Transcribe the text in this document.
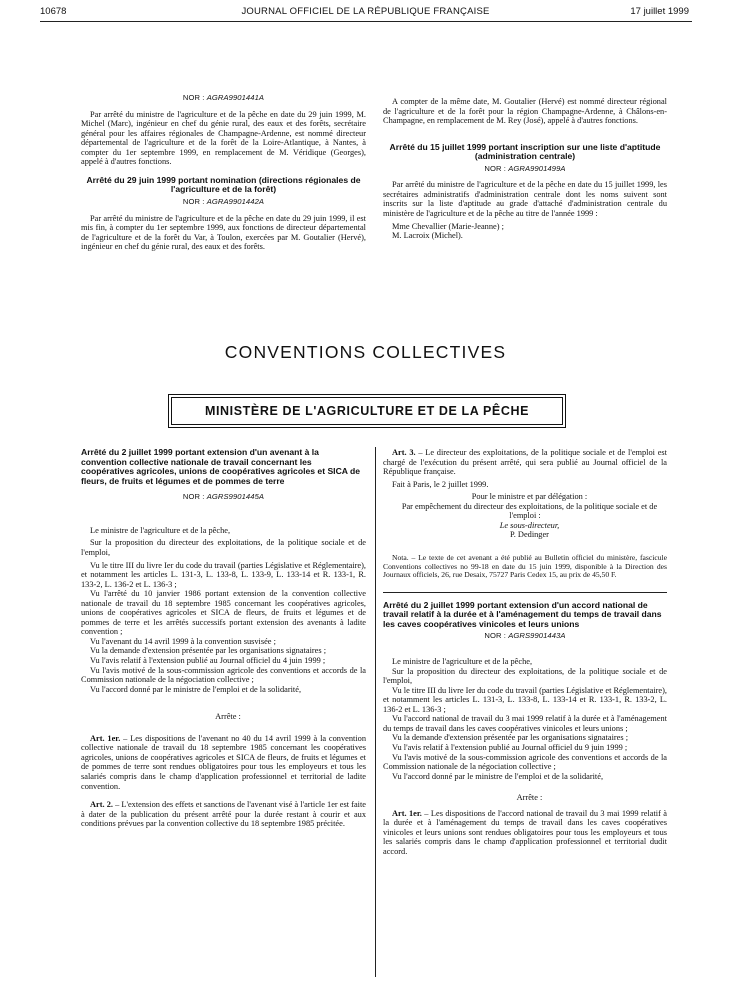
10678	JOURNAL OFFICIEL DE LA RÉPUBLIQUE FRANÇAISE	17 juillet 1999
NOR : AGRA9901441A

Par arrêté du ministre de l'agriculture et de la pêche en date du 29 juin 1999, M. Michel (Marc), ingénieur en chef du génie rural, des eaux et des forêts, secrétaire général pour les affaires régionales de Champagne-Ardenne, est nommé directeur départemental de l'agriculture et de la forêt de la Loire-Atlantique, à Nantes, à compter du 1er septembre 1999, en remplacement de M. Véridique (Georges), appelé à d'autres fonctions.

Arrêté du 29 juin 1999 portant nomination (directions régionales de l'agriculture et de la forêt)
NOR : AGRA9901442A

Par arrêté du ministre de l'agriculture et de la pêche en date du 29 juin 1999, il est mis fin, à compter du 1er septembre 1999, aux fonctions de directeur départemental de l'agriculture et de la forêt du Var, à Toulon, exercées par M. Goutalier (Hervé), ingénieur en chef du génie rural, des eaux et des forêts.

A compter de la même date, M. Goutalier (Hervé) est nommé directeur régional de l'agriculture et de la forêt pour la région Champagne-Ardenne, à Châlons-en-Champagne, en remplacement de M. Rey (José), appelé à d'autres fonctions.

Arrêté du 15 juillet 1999 portant inscription sur une liste d'aptitude (administration centrale)
NOR : AGRA9901499A

Par arrêté du ministre de l'agriculture et de la pêche en date du 15 juillet 1999, les secrétaires administratifs d'administration centrale dont les noms suivent sont inscrits sur la liste d'aptitude au grade d'attaché d'administration centrale du ministère de l'agriculture et de la pêche au titre de l'année 1999 :

Mme Chevallier (Marie-Jeanne) ;

M. Lacroix (Michel).

CONVENTIONS COLLECTIVES
MINISTÈRE DE L'AGRICULTURE ET DE LA PÊCHE
Arrêté du 2 juillet 1999 portant extension d'un avenant à la convention collective nationale de travail concernant les coopératives agricoles, unions de coopératives agricoles et SICA de fleurs, de fruits et légumes et de pommes de terre
NOR : AGRS9901445A

Le ministre de l'agriculture et de la pêche,

Sur la proposition du directeur des exploitations, de la politique sociale et de l'emploi,

Vu le titre III du livre Ier du code du travail (parties Législative et Réglementaire), et notamment les articles L. 131-3, L. 133-8, L. 133-9, L. 133-14 et R. 133-1, R. 133-2, L. 136-2 et L. 136-3 ;

Vu l'arrêté du 10 janvier 1986 portant extension de la convention collective nationale de travail du 18 septembre 1985 concernant les coopératives agricoles, unions de coopératives agricoles et SICA de fleurs, de fruits et légumes et de pommes de terre et les arrêtés successifs portant extension des avenants à ladite convention ;

Vu l'avenant du 14 avril 1999 à la convention susvisée ;

Vu la demande d'extension présentée par les organisations signataires ;

Vu l'avis relatif à l'extension publié au Journal officiel du 4 juin 1999 ;

Vu l'avis motivé de la sous-commission agricole des conventions et accords de la Commission nationale de la négociation collective ;

Vu l'accord donné par le ministre de l'emploi et de la solidarité,

Arrête :

Art. 1er. – Les dispositions de l'avenant no 40 du 14 avril 1999 à la convention collective nationale de travail du 18 septembre 1985 concernant les coopératives agricoles, unions de coopératives agricoles et SICA de fleurs, de fruits et légumes et de pommes de terre sont rendues obligatoires pour tous les employeurs et tous les salariés compris dans le champ d'application professionnel et territorial de ladite convention.

Art. 2. – L'extension des effets et sanctions de l'avenant visé à l'article 1er est faite à dater de la publication du présent arrêté pour la durée restant à courir et aux conditions prévues par la convention collective du 18 septembre 1985 précitée.

Art. 3. – Le directeur des exploitations, de la politique sociale et de l'emploi est chargé de l'exécution du présent arrêté, qui sera publié au Journal officiel de la République française.

Fait à Paris, le 2 juillet 1999.

Pour le ministre et par délégation :

Par empêchement du directeur des exploitations, de la politique sociale et de l'emploi :

Le sous-directeur,

P. Dedinger

Nota. – Le texte de cet avenant a été publié au Bulletin officiel du ministère, fascicule Conventions collectives no 99-18 en date du 15 juin 1999, disponible à la Direction des Journaux officiels, 26, rue Desaix, 75727 Paris Cedex 15, au prix de 45,50 F.

Arrêté du 2 juillet 1999 portant extension d'un accord national de travail relatif à la durée et à l'aménagement du temps de travail dans les caves coopératives vinicoles et leurs unions
NOR : AGRS9901443A

Le ministre de l'agriculture et de la pêche,

Sur la proposition du directeur des exploitations, de la politique sociale et de l'emploi,

Vu le titre III du livre Ier du code du travail (parties Législative et Réglementaire), et notamment les articles L. 131-3, L. 133-8, L. 133-14 et R. 133-1, R. 133-2, L. 136-2 et L. 136-3 ;

Vu l'accord national de travail du 3 mai 1999 relatif à la durée et à l'aménagement du temps de travail dans les caves coopératives vinicoles et leurs unions ;

Vu la demande d'extension présentée par les organisations signataires ;

Vu l'avis relatif à l'extension publié au Journal officiel du 9 juin 1999 ;

Vu l'avis motivé de la sous-commission agricole des conventions et accords de la Commission nationale de la négociation collective ;

Vu l'accord donné par le ministre de l'emploi et de la solidarité,

Arrête :

Art. 1er. – Les dispositions de l'accord national de travail du 3 mai 1999 relatif à la durée et à l'aménagement du temps de travail dans les caves coopératives vinicoles et leurs unions sont rendues obligatoires pour tous les employeurs et tous les salariés compris dans le champ d'application professionnel et territorial dudit accord.
